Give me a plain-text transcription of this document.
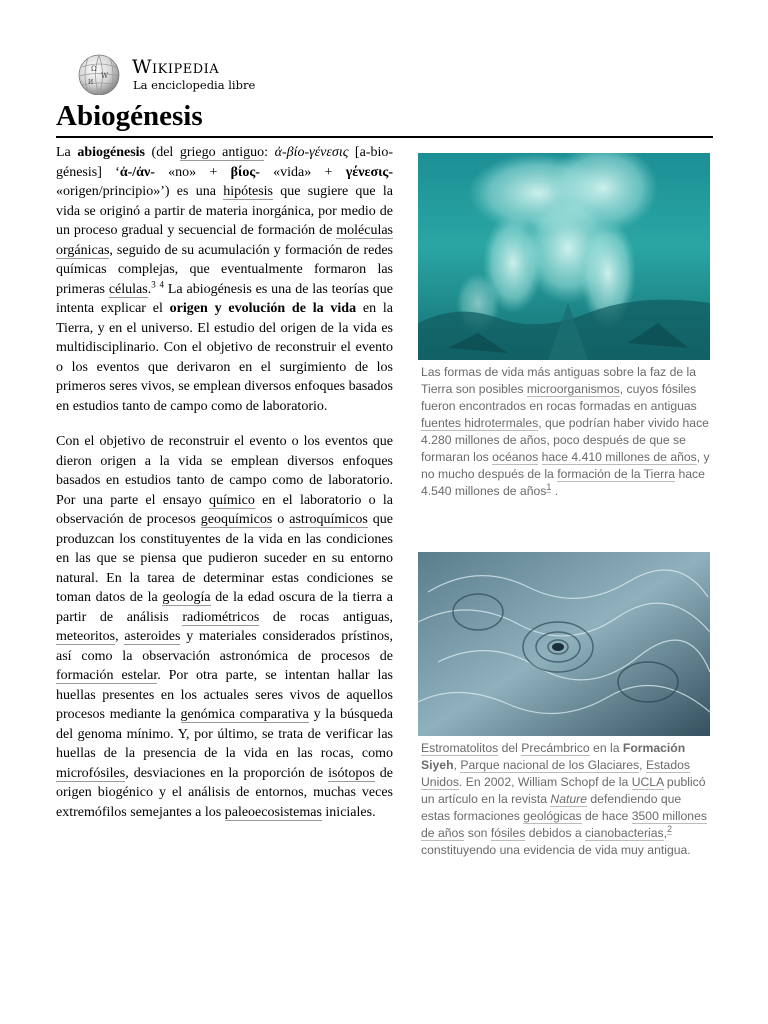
Ω
W
И
Wikipedia
La enciclopedia libre
Abiogénesis

La abiogénesis (del griego antiguo: ἀ-βίο-γένεσις [a-bio-génesis] ‘ἀ-/ἀν- «no» + βίος- «vida» + γένεσις- «origen/principio»’) es una hipótesis que sugiere que la vida se originó a partir de materia inorgánica, por medio de un proceso gradual y secuencial de formación de moléculas orgánicas, seguido de su acumulación y formación de redes químicas complejas, que eventualmente formaron las primeras células.$^3$ $^4$ La abiogénesis es una de las teorías que intenta explicar el origen y evolución de la vida en la Tierra, y en el universo. El estudio del origen de la vida es multidisciplinario. Con el objetivo de reconstruir el evento o los eventos que derivaron en el surgimiento de los primeros seres vivos, se emplean diversos enfoques basados en estudios tanto de campo como de laboratorio.

Con el objetivo de reconstruir el evento o los eventos que dieron origen a la vida se emplean diversos enfoques basados en estudios tanto de campo como de laboratorio. Por una parte el ensayo químico en el laboratorio o la observación de procesos geoquímicos o astroquímicos que produzcan los constituyentes de la vida en las condiciones en las que se piensa que pudieron suceder en su entorno natural. En la tarea de determinar estas condiciones se toman datos de la geología de la edad oscura de la tierra a partir de análisis radiométricos de rocas antiguas, meteoritos, asteroides y materiales considerados prístinos, así como la observación astronómica de procesos de formación estelar. Por otra parte, se intentan hallar las huellas presentes en los actuales seres vivos de aquellos procesos mediante la genómica comparativa y la búsqueda del genoma mínimo. Y, por último, se trata de verificar las huellas de la presencia de la vida en las rocas, como microfósiles, desviaciones en la proporción de isótopos de origen biogénico y el análisis de entornos, muchas veces extremófilos semejantes a los paleoecosistemas iniciales.

Las formas de vida más antiguas sobre la faz de la Tierra son posibles microorganismos, cuyos fósiles fueron encontrados en rocas formadas en antiguas fuentes hidrotermales, que podrían haber vivido hace 4.280 millones de años, poco después de que se formaran los océanos hace 4.410 millones de años, y no mucho después de la formación de la Tierra hace 4.540 millones de años$^1$ .
Estromatolitos del Precámbrico en la Formación Siyeh, Parque nacional de los Glaciares, Estados Unidos. En 2002, William Schopf de la UCLA publicó un artículo en la revista Nature defendiendo que estas formaciones geológicas de hace 3500 millones de años son fósiles debidos a cianobacterias,$^2$ constituyendo una evidencia de vida muy antigua.
